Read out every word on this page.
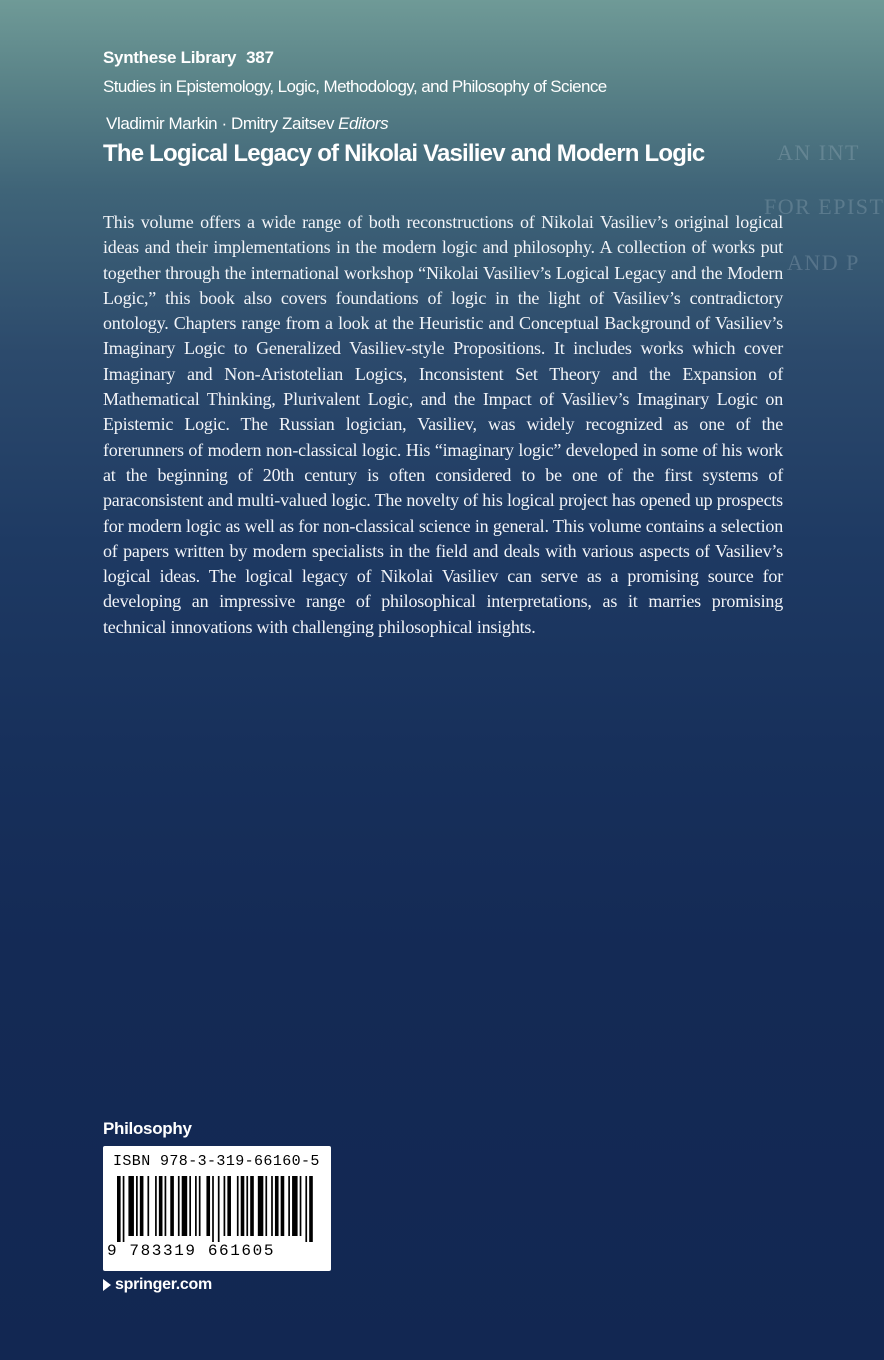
Synthese Library 387
Studies in Epistemology, Logic, Methodology, and Philosophy of Science
Vladimir Markin · Dmitry Zaitsev Editors
The Logical Legacy of Nikolai Vasiliev and Modern Logic	AN INT
FOR EPIST
AND P

This volume offers a wide range of both reconstructions of Nikolai Vasiliev’s original logical ideas and their implementations in the modern logic and philosophy. A collection of works put together through the international workshop “Nikolai Vasiliev’s Logical Legacy and the Modern Logic,” this book also covers foundations of logic in the light of Vasiliev’s contradictory ontology. Chapters range from a look at the Heuristic and Conceptual Background of Vasiliev’s Imaginary Logic to Generalized Vasiliev-style Propositions. It includes works which cover Imaginary and Non-Aristotelian Logics, Inconsistent Set Theory and the Expansion of Mathematical Thinking, Plurivalent Logic, and the Impact of Vasiliev’s Imaginary Logic on Epistemic Logic. The Russian logician, Vasiliev, was widely recognized as one of the forerunners of modern non-classical logic. His “imaginary logic” developed in some of his work at the beginning of 20th century is often considered to be one of the first systems of paraconsistent and multi-valued logic. The novelty of his logical project has opened up prospects for modern logic as well as for non-classical science in general. This volume contains a selection of papers written by modern specialists in the field and deals with various aspects of Vasiliev’s logical ideas. The logical legacy of Nikolai Vasiliev can serve as a promising source for developing an impressive range of philosophical interpretations, as it marries promising technical innovations with challenging philosophical insights.

Philosophy
ISBN 978-3-319-66160-5
9 783319 661605
springer.com
